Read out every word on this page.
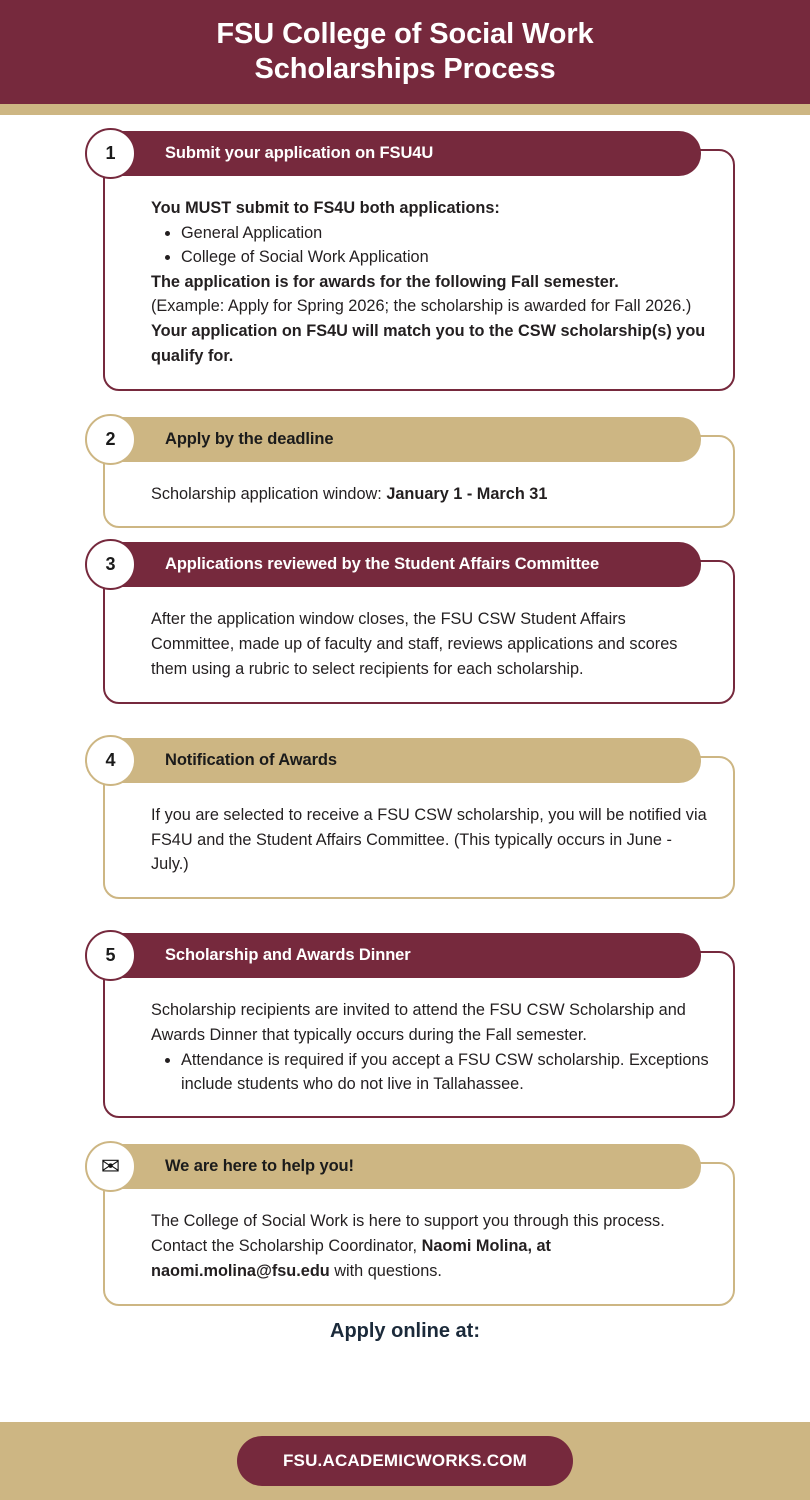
FSU College of Social Work
Scholarships Process
Submit your application on FSU4U
1

You MUST submit to FS4U both applications:

• General Application
• College of Social Work Application

The application is for awards for the following Fall semester.

(Example: Apply for Spring 2026; the scholarship is awarded for Fall 2026.)

Your application on FS4U will match you to the CSW scholarship(s) you qualify for.

Apply by the deadline
2

Scholarship application window: January 1 - March 31

Applications reviewed by the Student Affairs Committee
3

After the application window closes, the FSU CSW Student Affairs Committee, made up of faculty and staff, reviews applications and scores them using a rubric to select recipients for each scholarship.

Notification of Awards
4

If you are selected to receive a FSU CSW scholarship, you will be notified via FS4U and the Student Affairs Committee. (This typically occurs in June - July.)

Scholarship and Awards Dinner
5

Scholarship recipients are invited to attend the FSU CSW Scholarship and Awards Dinner that typically occurs during the Fall semester.

• Attendance is required if you accept a FSU CSW scholarship. Exceptions include students who do not live in Tallahassee.
We are here to help you!
✉

The College of Social Work is here to support you through this process. Contact the Scholarship Coordinator, Naomi Molina, at naomi.molina@fsu.edu with questions.

Apply online at:
FSU.ACADEMICWORKS.COM
